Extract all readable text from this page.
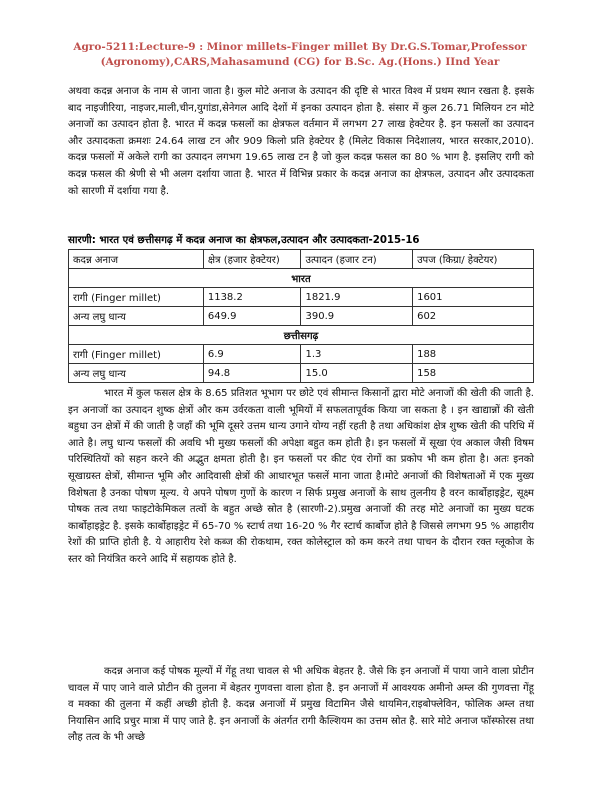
Agro-5211:Lecture-9 : Minor millets-Finger millet By Dr.G.S.Tomar,Professor
(Agronomy),CARS,Mahasamund (CG) for B.Sc. Ag.(Hons.) IInd Year
अथवा कदन्न अनाज के नाम से जाना जाता है। कुल मोटे अनाज के उत्पादन की दृष्टि से भारत विश्व में प्रथम स्थान रखता है. इसके बाद नाइजीरिया, नाइजर,माली,चीन,युगांडा,सेनेगल आदि देशों में इनका उत्पादन होता है. संसार में कुल 26.71 मिलियन टन मोटे अनाजों का उत्पादन होता है. भारत में कदन्न फसलों का क्षेत्रफल वर्तमान में लगभग 27 लाख हेक्टेयर है. इन फसलों का उत्पादन और उत्पादकता क्रमशः 24.64 लाख टन और 909 किलो प्रति हेक्टेयर है (मिलेट विकास निदेशालय, भारत सरकार,2010). कदन्न फसलों में अकेले रागी का उत्पादन लगभग 19.65 लाख टन है जो कुल कदन्न फसल का 80 % भाग है. इसलिए रागी को कदन्न फसल की श्रेणी से भी अलग दर्शाया जाता है. भारत में विभिन्न प्रकार के कदन्न अनाज का क्षेत्रफल, उत्पादन और उत्पादकता को सारणी में दर्शाया गया है.
सारणी: भारत एवं छत्तीसगढ़ में कदन्न अनाज का क्षेत्रफल,उत्पादन और उत्पादकता-2015-16
कदन्न अनाज	क्षेत्र (हजार हेक्टेयर)	उत्पादन (हजार टन)	उपज (किग्रा/ हेक्टेयर)
भारत			
रागी (Finger millet)	1138.2	1821.9	1601
अन्य लघु धान्य	649.9	390.9	602
छत्तीसगढ़			
रागी (Finger millet)	6.9	1.3	188
अन्य लघु धान्य	94.8	15.0	158
भारत में कुल फसल क्षेत्र के 8.65 प्रतिशत भूभाग पर छोटे एवं सीमान्त किसानों द्वारा मोटे अनाजों की खेती की जाती है. इन अनाजों का उत्पादन शुष्क क्षेत्रों और कम उर्वरकता वाली भूमियों में सफलतापूर्वक किया जा सकता है । इन खाद्यान्नों की खेती बहुधा उन क्षेत्रों में की जाती है जहाँ की भूमि दूसरे उत्तम धान्य उगाने योग्य नहीं रहती है तथा अधिकांश क्षेत्र शुष्क खेती की परिधि में आते है। लघु धान्य फसलों की अवधि भी मुख्य फसलों की अपेक्षा बहुत कम होती है। इन फसलों में सूखा एंव अकाल जैसी विषम परिस्थितियों को सहन करने की अद्भुत क्षमता होती है। इन फसलों पर कीट एंव रोगों का प्रकोप भी कम होता है। अतः इनको सूखाग्रस्त क्षेत्रों, सीमान्त भूमि और आदिवासी क्षेत्रों की आधारभूत फसलें माना जाता है।मोटे अनाजों की विशेषताओं में एक मुख्य विशेषता है उनका पोषण मूल्य. ये अपने पोषण गुणों के कारण न सिर्फ प्रमुख अनाजों के साथ तुलनीय है वरन कार्बोहाइड्रेट, सूक्ष्म पोषक तत्व तथा फाइटोकेमिकल तत्वों के बहुत अच्छे स्रोत है (सारणी-2).प्रमुख अनाजों की तरह मोटे अनाजों का मुख्य घटक कार्बोहाइड्रेट है. इसके कार्बोहाइड्रेट में 65-70 % स्टार्च तथा 16-20 % गैर स्टार्च कार्बोज होते है जिससे लगभग 95 % आहारीय रेशों की प्राप्ति होती है. ये आहारीय रेशे कब्ज की रोकथाम, रक्त कोलेस्ट्राल को कम करने तथा पाचन के दौरान रक्त ग्लूकोज के स्तर को नियंत्रित करने आदि में सहायक होते है.
कदन्न अनाज कई पोषक मूल्यों में गेंहू तथा चावल से भी अधिक बेहतर है. जैसे कि इन अनाजों में पाया जाने वाला प्रोटीन चावल में पाए जाने वाले प्रोटीन की तुलना में बेहतर गुणवत्ता वाला होता है. इन अनाजों में आवश्यक अमीनो अम्ल की गुणवत्ता गेंहू व मक्का की तुलना में कहीं अच्छी होती है. कदन्न अनाजों में प्रमुख विटामिन जैसे थायमिन,राइबोफ्लेविन, फोलिक अम्ल तथा नियासिन आदि प्रचुर मात्रा में पाए जाते है. इन अनाजों के अंतर्गत रागी कैल्शियम का उत्तम स्रोत है. सारे मोटे अनाज फॉस्फोरस तथा लौह तत्व के भी अच्छे
